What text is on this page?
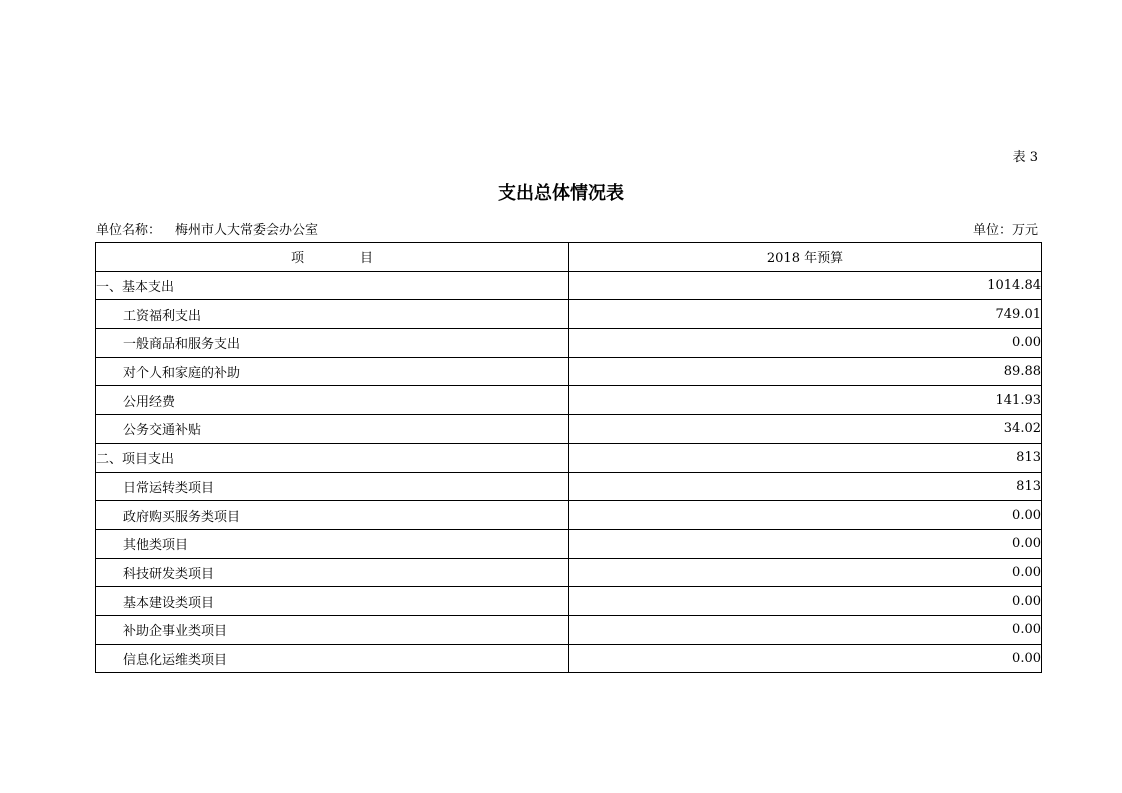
表 3
支出总体情况表
单位名称： 梅州市人大常委会办公室	单位：万元
项 目	2018 年预算
一、基本支出	1014.84
工资福利支出	749.01
一般商品和服务支出	0.00
对个人和家庭的补助	89.88
公用经费	141.93
公务交通补贴	34.02
二、项目支出	813
日常运转类项目	813
政府购买服务类项目	0.00
其他类项目	0.00
科技研发类项目	0.00
基本建设类项目	0.00
补助企事业类项目	0.00
信息化运维类项目	0.00
